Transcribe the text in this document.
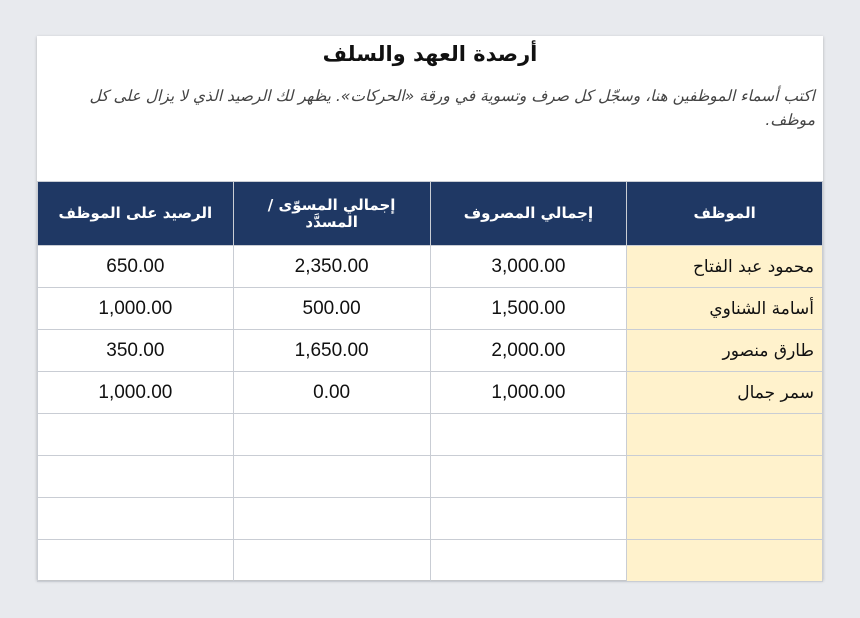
أرصدة العهد والسلف
اكتب أسماء الموظفين هنا، وسجّل كل صرف وتسوية في ورقة «الحركات». يظهر لك الرصيد الذي لا يزال على كل موظف.
الموظف	إجمالي المصروف	إجمالي المسوّى / المسدَّد	الرصيد على الموظف
محمود عبد الفتاح	3,000.00	2,350.00	650.00
أسامة الشناوي	1,500.00	500.00	1,000.00
طارق منصور	2,000.00	1,650.00	350.00
سمر جمال	1,000.00	0.00	1,000.00
